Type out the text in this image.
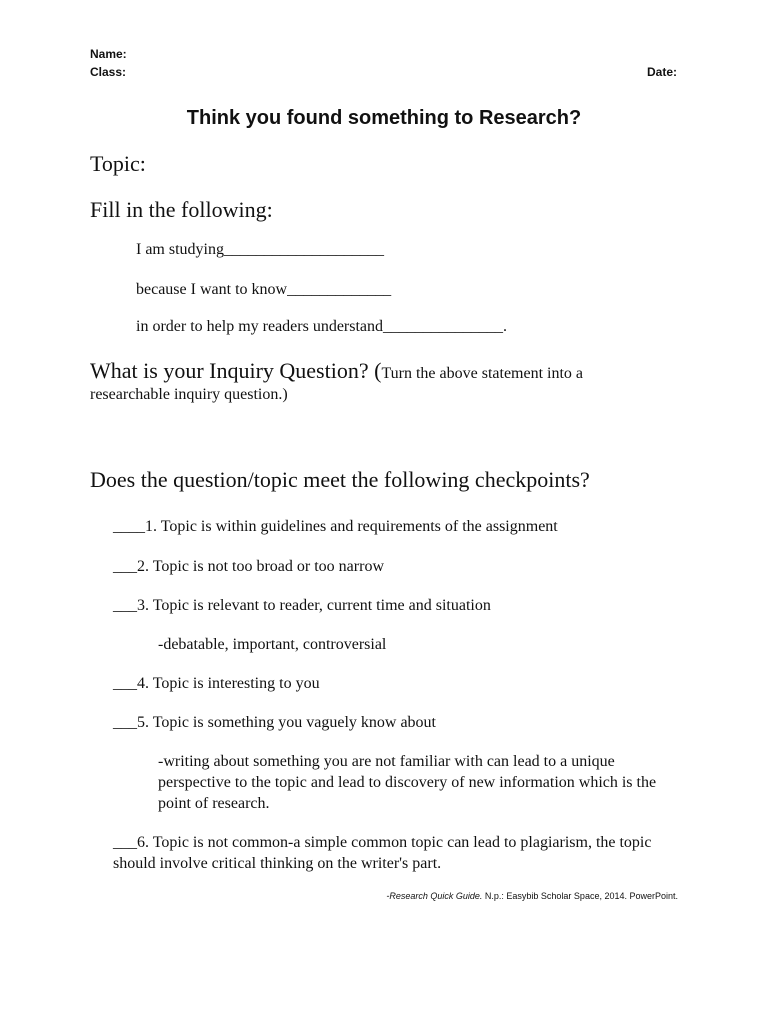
Name:
Class:	Date:
Think you found something to Research?
Topic:
Fill in the following:
I am studying____________________
because I want to know_____________
in order to help my readers understand_______________.
What is your Inquiry Question? (Turn the above statement into a
researchable inquiry question.)
Does the question/topic meet the following checkpoints?
____1. Topic is within guidelines and requirements of the assignment
___2. Topic is not too broad or too narrow
___3. Topic is relevant to reader, current time and situation
-debatable, important, controversial
___4. Topic is interesting to you
___5. Topic is something you vaguely know about
-writing about something you are not familiar with can lead to a unique perspective to the topic and lead to discovery of new information which is the point of research.
___6. Topic is not common-a simple common topic can lead to plagiarism, the topic should involve critical thinking on the writer's part.
-Research Quick Guide. N.p.: Easybib Scholar Space, 2014. PowerPoint.
